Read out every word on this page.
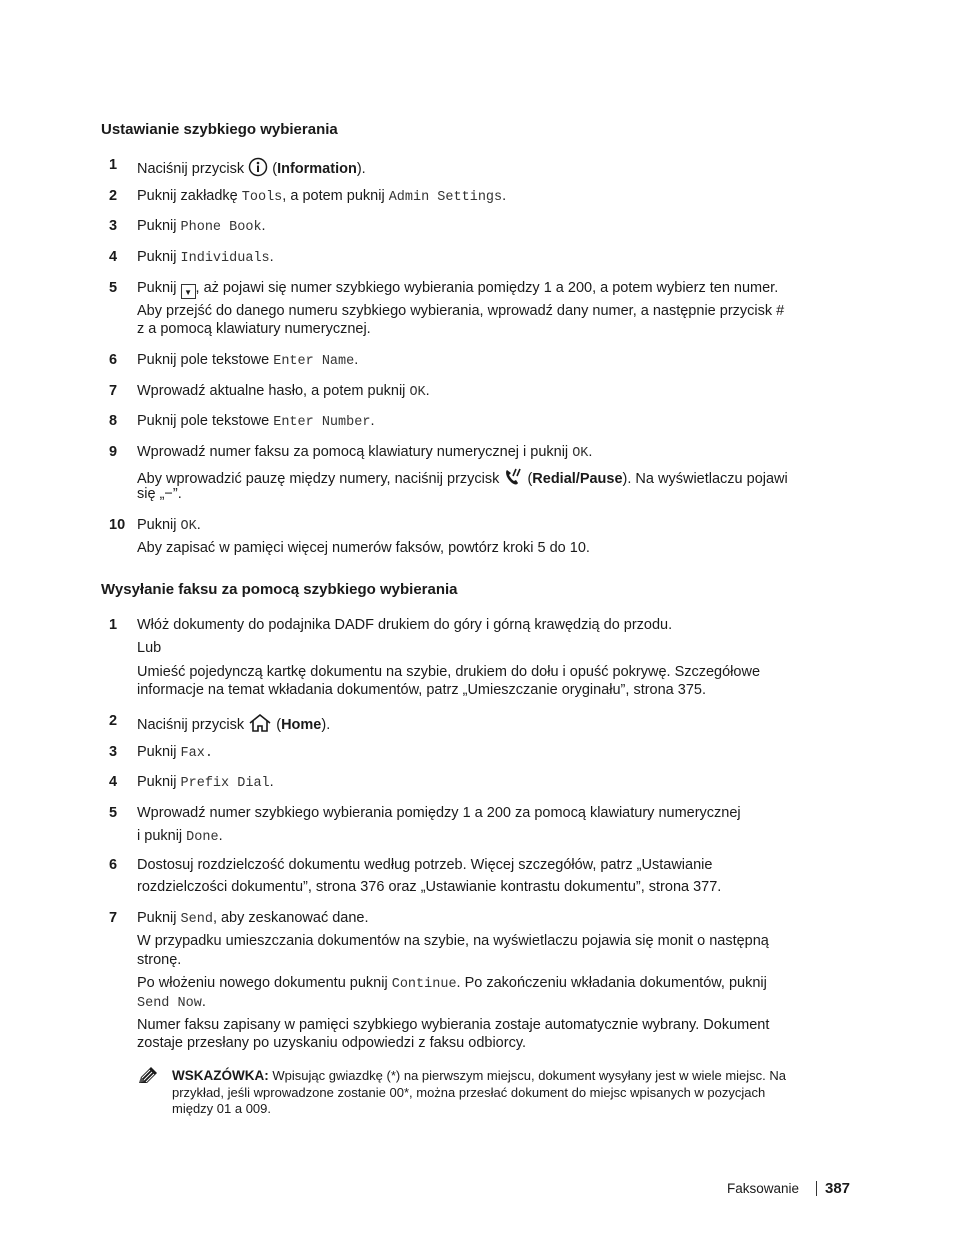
Ustawianie szybkiego wybierania
1	Naciśnij przycisk (Information).
2	Puknij zakładkę Tools, a potem puknij Admin Settings.
3	Puknij Phone Book.
4	Puknij Individuals.
5	Puknij ▼ , aż pojawi się numer szybkiego wybierania pomiędzy 1 a 200, a potem wybierz ten numer.
Aby przejść do danego numeru szybkiego wybierania, wprowadź dany numer, a następnie przycisk #
z a pomocą klawiatury numerycznej.
6	Puknij pole tekstowe Enter Name.
7	Wprowadź aktualne hasło, a potem puknij OK.
8	Puknij pole tekstowe Enter Number.
9	Wprowadź numer faksu za pomocą klawiatury numerycznej i puknij OK.
Aby wprowadzić pauzę między numery, naciśnij przycisk (Redial/Pause). Na wyświetlaczu pojawi
się „−”.
10 Puknij OK.
Aby zapisać w pamięci więcej numerów faksów, powtórz kroki 5 do 10.
Wysyłanie faksu za pomocą szybkiego wybierania
1	Włóż dokumenty do podajnika DADF drukiem do góry i górną krawędzią do przodu.
Lub
Umieść pojedynczą kartkę dokumentu na szybie, drukiem do dołu i opuść pokrywę. Szczegółowe
informacje na temat wkładania dokumentów, patrz „Umieszczanie oryginału”, strona 375.
2	Naciśnij przycisk (Home).
3	Puknij Fax.
4	Puknij Prefix Dial.
5	Wprowadź numer szybkiego wybierania pomiędzy 1 a 200 za pomocą klawiatury numerycznej
i puknij Done.
6	Dostosuj rozdzielczość dokumentu według potrzeb. Więcej szczegółów, patrz „Ustawianie
rozdzielczości dokumentu”, strona 376 oraz „Ustawianie kontrastu dokumentu”, strona 377.
7	Puknij Send, aby zeskanować dane.
W przypadku umieszczania dokumentów na szybie, na wyświetlaczu pojawia się monit o następną
stronę.
Po włożeniu nowego dokumentu puknij Continue. Po zakończeniu wkładania dokumentów, puknij
Send Now.
Numer faksu zapisany w pamięci szybkiego wybierania zostaje automatycznie wybrany. Dokument
zostaje przesłany po uzyskaniu odpowiedzi z faksu odbiorcy.
WSKAZÓWKA: Wpisując gwiazdkę (*) na pierwszym miejscu, dokument wysyłany jest w wiele miejsc. Na
przykład, jeśli wprowadzone zostanie 00*, można przesłać dokument do miejsc wpisanych w pozycjach
między 01 a 009.
Faksowanie 387
